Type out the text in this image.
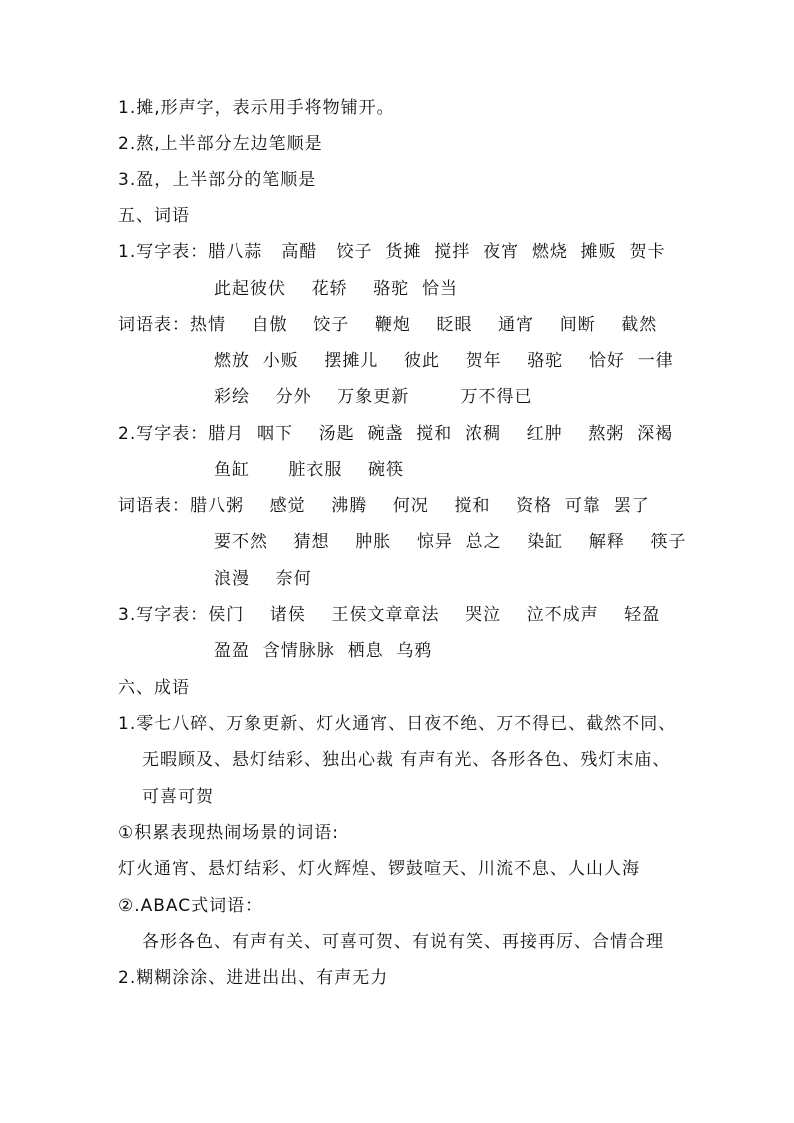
1.摊,形声字，表示用手将物铺开。
2.熬,上半部分左边笔顺是
3.盈，上半部分的笔顺是
五、词语
1.写字表：腊八蒜   高醋   饺子  货摊  搅拌  夜宵  燃烧  摊贩  贺卡
此起彼伏    花轿    骆驼  恰当
词语表：热情    自傲    饺子    鞭炮    眨眼    通宵    间断    截然
燃放  小贩    摆摊儿    彼此    贺年    骆驼    恰好  一律
彩绘    分外    万象更新        万不得已
2.写字表：腊月  咽下    汤匙  碗盏  搅和  浓稠    红肿    熬粥  深褐
鱼缸      脏衣服    碗筷
词语表：腊八粥    感觉    沸腾    何况    搅和    资格  可靠  罢了
要不然    猜想    肿胀    惊异  总之    染缸    解释    筷子
浪漫    奈何
3.写字表：侯门    诸侯    王侯文章章法    哭泣    泣不成声    轻盈
盈盈  含情脉脉  栖息  乌鸦
六、成语
1.零七八碎、万象更新、灯火通宵、日夜不绝、万不得已、截然不同、
无暇顾及、悬灯结彩、独出心裁 有声有光、各形各色、残灯末庙、
可喜可贺
①积累表现热闹场景的词语:
灯火通宵、悬灯结彩、灯火辉煌、锣鼓喧天、川流不息、人山人海
②.ABAC式词语：
各形各色、有声有关、可喜可贺、有说有笑、再接再厉、合情合理
2.糊糊涂涂、进进出出、有声无力
